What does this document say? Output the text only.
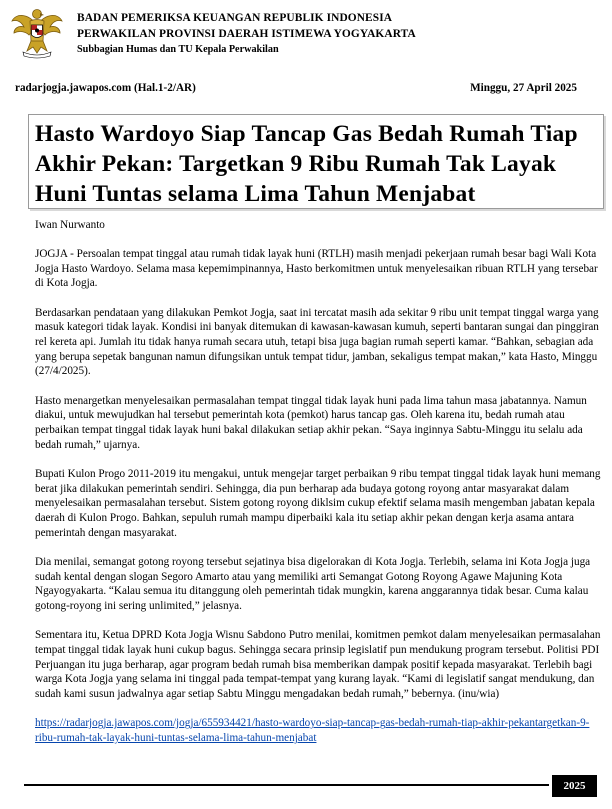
BADAN PEMERIKSA KEUANGAN REPUBLIK INDONESIA
PERWAKILAN PROVINSI DAERAH ISTIMEWA YOGYAKARTA
Subbagian Humas dan TU Kepala Perwakilan
radarjogja.jawapos.com (Hal.1-2/AR)	Minggu, 27 April 2025
Hasto Wardoyo Siap Tancap Gas Bedah Rumah Tiap Akhir Pekan: Targetkan 9 Ribu Rumah Tak Layak Huni Tuntas selama Lima Tahun Menjabat
Iwan Nurwanto

JOGJA - Persoalan tempat tinggal atau rumah tidak layak huni (RTLH) masih menjadi pekerjaan rumah besar bagi Wali Kota Jogja Hasto Wardoyo. Selama masa kepemimpinannya, Hasto berkomitmen untuk menyelesaikan ribuan RTLH yang tersebar di Kota Jogja.

Berdasarkan pendataan yang dilakukan Pemkot Jogja, saat ini tercatat masih ada sekitar 9 ribu unit tempat tinggal warga yang masuk kategori tidak layak. Kondisi ini banyak ditemukan di kawasan-kawasan kumuh, seperti bantaran sungai dan pinggiran rel kereta api. Jumlah itu tidak hanya rumah secara utuh, tetapi bisa juga bagian rumah seperti kamar. “Bahkan, sebagian ada yang berupa sepetak bangunan namun difungsikan untuk tempat tidur, jamban, sekaligus tempat makan,” kata Hasto, Minggu (27/4/2025).

Hasto menargetkan menyelesaikan permasalahan tempat tinggal tidak layak huni pada lima tahun masa jabatannya. Namun diakui, untuk mewujudkan hal tersebut pemerintah kota (pemkot) harus tancap gas. Oleh karena itu, bedah rumah atau perbaikan tempat tinggal tidak layak huni bakal dilakukan setiap akhir pekan. “Saya inginnya Sabtu-Minggu itu selalu ada bedah rumah,” ujarnya.

Bupati Kulon Progo 2011-2019 itu mengakui, untuk mengejar target perbaikan 9 ribu tempat tinggal tidak layak huni memang berat jika dilakukan pemerintah sendiri. Sehingga, dia pun berharap ada budaya gotong royong antar masyarakat dalam menyelesaikan permasalahan tersebut. Sistem gotong royong diklsim cukup efektif selama masih mengemban jabatan kepala daerah di Kulon Progo. Bahkan, sepuluh rumah mampu diperbaiki kala itu setiap akhir pekan dengan kerja asama antara pemerintah dengan masyarakat.

Dia menilai, semangat gotong royong tersebut sejatinya bisa digelorakan di Kota Jogja. Terlebih, selama ini Kota Jogja juga sudah kental dengan slogan Segoro Amarto atau yang memiliki arti Semangat Gotong Royong Agawe Majuning Kota Ngayogyakarta. “Kalau semua itu ditanggung oleh pemerintah tidak mungkin, karena anggarannya tidak besar. Cuma kalau gotong-royong ini sering unlimited,” jelasnya.

Sementara itu, Ketua DPRD Kota Jogja Wisnu Sabdono Putro menilai, komitmen pemkot dalam menyelesaikan permasalahan tempat tinggal tidak layak huni cukup bagus. Sehingga secara prinsip legislatif pun mendukung program tersebut. Politisi PDI Perjuangan itu juga berharap, agar program bedah rumah bisa memberikan dampak positif kepada masyarakat. Terlebih bagi warga Kota Jogja yang selama ini tinggal pada tempat-tempat yang kurang layak. “Kami di legislatif sangat mendukung, dan sudah kami susun jadwalnya agar setiap Sabtu Minggu mengadakan bedah rumah,” bebernya. (inu/wia)

https://radarjogja.jawapos.com/jogja/655934421/hasto-wardoyo-siap-tancap-gas-bedah-rumah-tiap-akhir-pekantargetkan-9-ribu-rumah-tak-layak-huni-tuntas-selama-lima-tahun-menjabat

2025
